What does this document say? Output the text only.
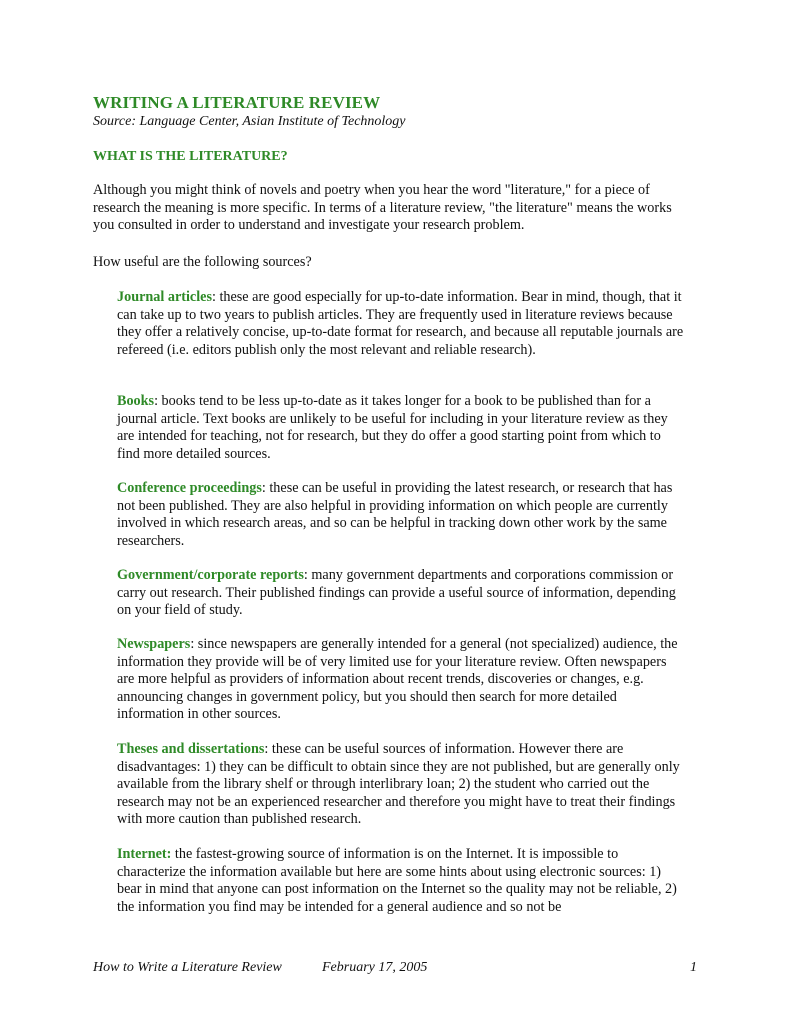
WRITING A LITERATURE REVIEW
Source: Language Center, Asian Institute of Technology
WHAT IS THE LITERATURE?

Although you might think of novels and poetry when you hear the word "literature," for a piece of research the meaning is more specific. In terms of a literature review, "the literature" means the works you consulted in order to understand and investigate your research problem.

How useful are the following sources?

Journal articles: these are good especially for up-to-date information. Bear in mind, though, that it can take up to two years to publish articles. They are frequently used in literature reviews because they offer a relatively concise, up-to-date format for research, and because all reputable journals are refereed (i.e. editors publish only the most relevant and reliable research).

Books: books tend to be less up-to-date as it takes longer for a book to be published than for a journal article. Text books are unlikely to be useful for including in your literature review as they are intended for teaching, not for research, but they do offer a good starting point from which to find more detailed sources.

Conference proceedings: these can be useful in providing the latest research, or research that has not been published. They are also helpful in providing information on which people are currently involved in which research areas, and so can be helpful in tracking down other work by the same researchers.

Government/corporate reports: many government departments and corporations commission or carry out research. Their published findings can provide a useful source of information, depending on your field of study.

Newspapers: since newspapers are generally intended for a general (not specialized) audience, the information they provide will be of very limited use for your literature review. Often newspapers are more helpful as providers of information about recent trends, discoveries or changes, e.g. announcing changes in government policy, but you should then search for more detailed information in other sources.

Theses and dissertations: these can be useful sources of information. However there are disadvantages: 1) they can be difficult to obtain since they are not published, but are generally only available from the library shelf or through interlibrary loan; 2) the student who carried out the research may not be an experienced researcher and therefore you might have to treat their findings with more caution than published research.

Internet: the fastest-growing source of information is on the Internet. It is impossible to characterize the information available but here are some hints about using electronic sources: 1) bear in mind that anyone can post information on the Internet so the quality may not be reliable, 2) the information you find may be intended for a general audience and so not be

How to Write a Literature Review	February 17, 2005	1
